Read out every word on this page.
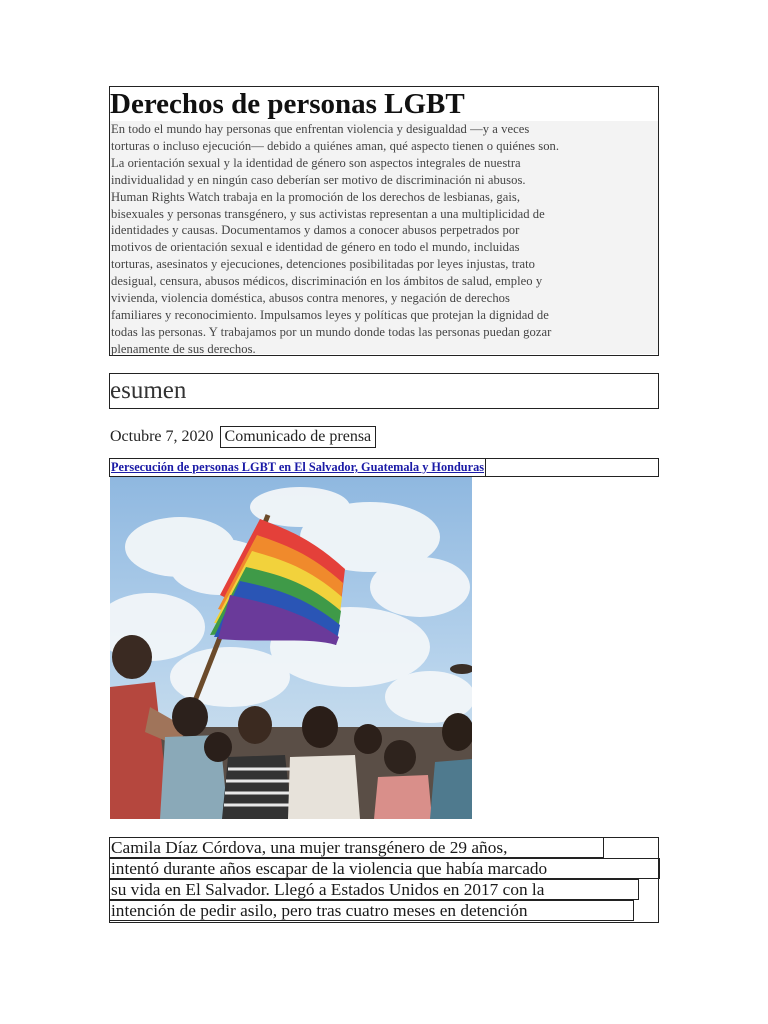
Derechos de personas LGBT
En todo el mundo hay personas que enfrentan violencia y desigualdad —y a veces
torturas o incluso ejecución— debido a quiénes aman, qué aspecto tienen o quiénes son.
La orientación sexual y la identidad de género son aspectos integrales de nuestra
individualidad y en ningún caso deberían ser motivo de discriminación ni abusos.
Human Rights Watch trabaja en la promoción de los derechos de lesbianas, gais,
bisexuales y personas transgénero, y sus activistas representan a una multiplicidad de
identidades y causas. Documentamos y damos a conocer abusos perpetrados por
motivos de orientación sexual e identidad de género en todo el mundo, incluidas
torturas, asesinatos y ejecuciones, detenciones posibilitadas por leyes injustas, trato
desigual, censura, abusos médicos, discriminación en los ámbitos de salud, empleo y
vivienda, violencia doméstica, abusos contra menores, y negación de derechos
familiares y reconocimiento. Impulsamos leyes y políticas que protejan la dignidad de
todas las personas. Y trabajamos por un mundo donde todas las personas puedan gozar
plenamente de sus derechos.
esumen
Octubre 7, 2020 Comunicado de prensa
Persecución de personas LGBT en El Salvador, Guatemala y Honduras
Camila Díaz Córdova, una mujer transgénero de 29 años,
intentó durante años escapar de la violencia que había marcado
su vida en El Salvador. Llegó a Estados Unidos en 2017 con la
intención de pedir asilo, pero tras cuatro meses en detención
